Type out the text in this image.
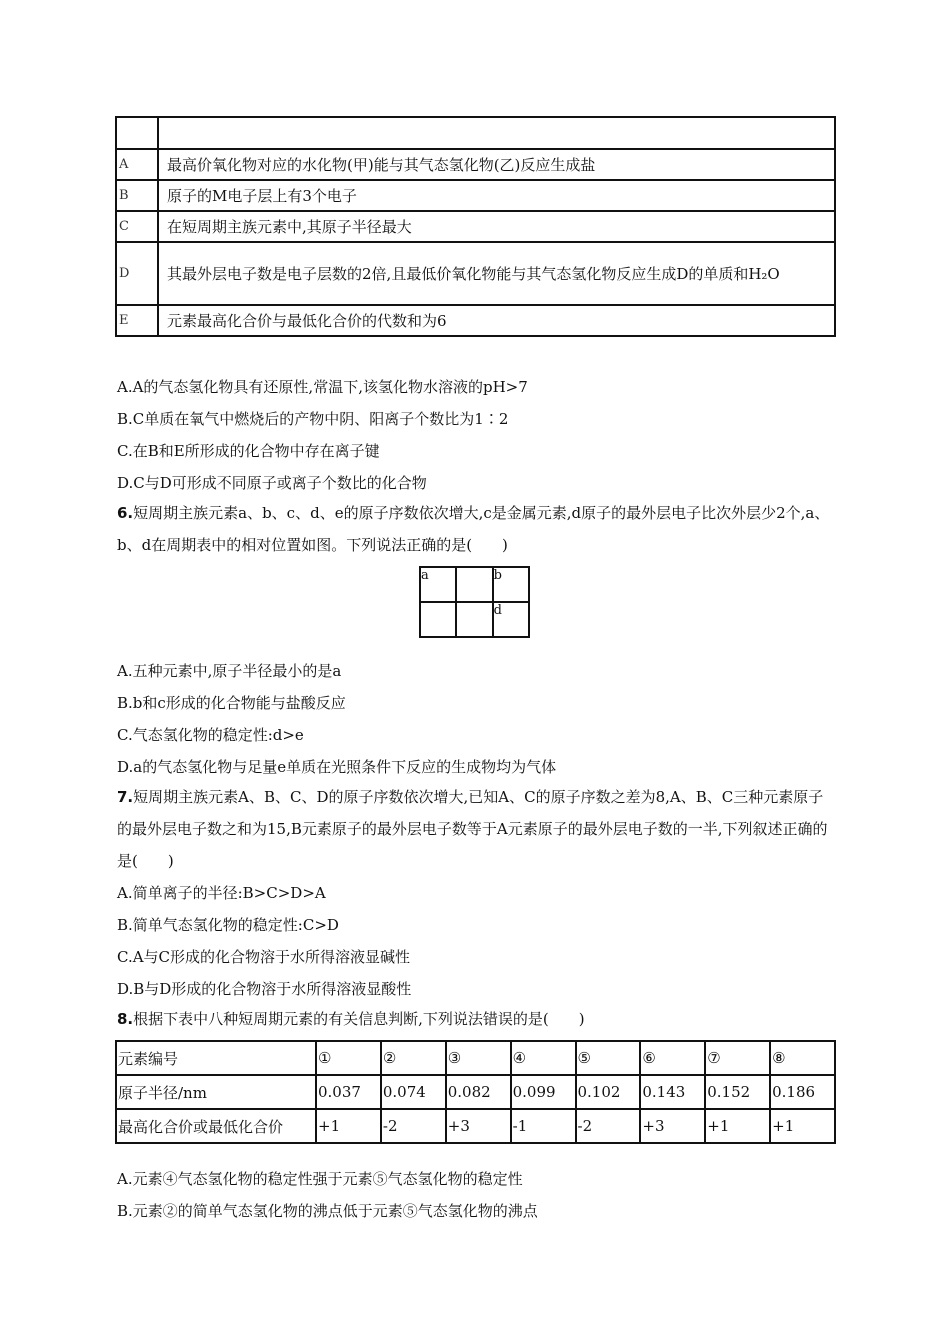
A	最高价氧化物对应的水化物(甲)能与其气态氢化物(乙)反应生成盐
B	原子的M电子层上有3个电子
C	在短周期主族元素中,其原子半径最大
D	其最外层电子数是电子层数的2倍,且最低价氧化物能与其气态氢化物反应生成D的单质和H₂O
E	元素最高化合价与最低化合价的代数和为6
A.A的气态氢化物具有还原性,常温下,该氢化物水溶液的pH>7
B.C单质在氧气中燃烧后的产物中阴、阳离子个数比为1∶2
C.在B和E所形成的化合物中存在离子键
D.C与D可形成不同原子或离子个数比的化合物
6.短周期主族元素a、b、c、d、e的原子序数依次增大,c是金属元素,d原子的最外层电子比次外层少2个,a、b、d在周期表中的相对位置如图。下列说法正确的是(　　)
a		b
		d
A.五种元素中,原子半径最小的是a
B.b和c形成的化合物能与盐酸反应
C.气态氢化物的稳定性:d>e
D.a的气态氢化物与足量e单质在光照条件下反应的生成物均为气体
7.短周期主族元素A、B、C、D的原子序数依次增大,已知A、C的原子序数之差为8,A、B、C三种元素原子的最外层电子数之和为15,B元素原子的最外层电子数等于A元素原子的最外层电子数的一半,下列叙述正确的是(　　)
A.简单离子的半径:B>C>D>A
B.简单气态氢化物的稳定性:C>D
C.A与C形成的化合物溶于水所得溶液显碱性
D.B与D形成的化合物溶于水所得溶液显酸性
8.根据下表中八种短周期元素的有关信息判断,下列说法错误的是(　　)
元素编号	①	②	③	④	⑤	⑥	⑦	⑧
原子半径/nm	0.037	0.074	0.082	0.099	0.102	0.143	0.152	0.186
最高化合价或最低化合价	+1	-2	+3	-1	-2	+3	+1	+1
A.元素④气态氢化物的稳定性强于元素⑤气态氢化物的稳定性
B.元素②的简单气态氢化物的沸点低于元素⑤气态氢化物的沸点
